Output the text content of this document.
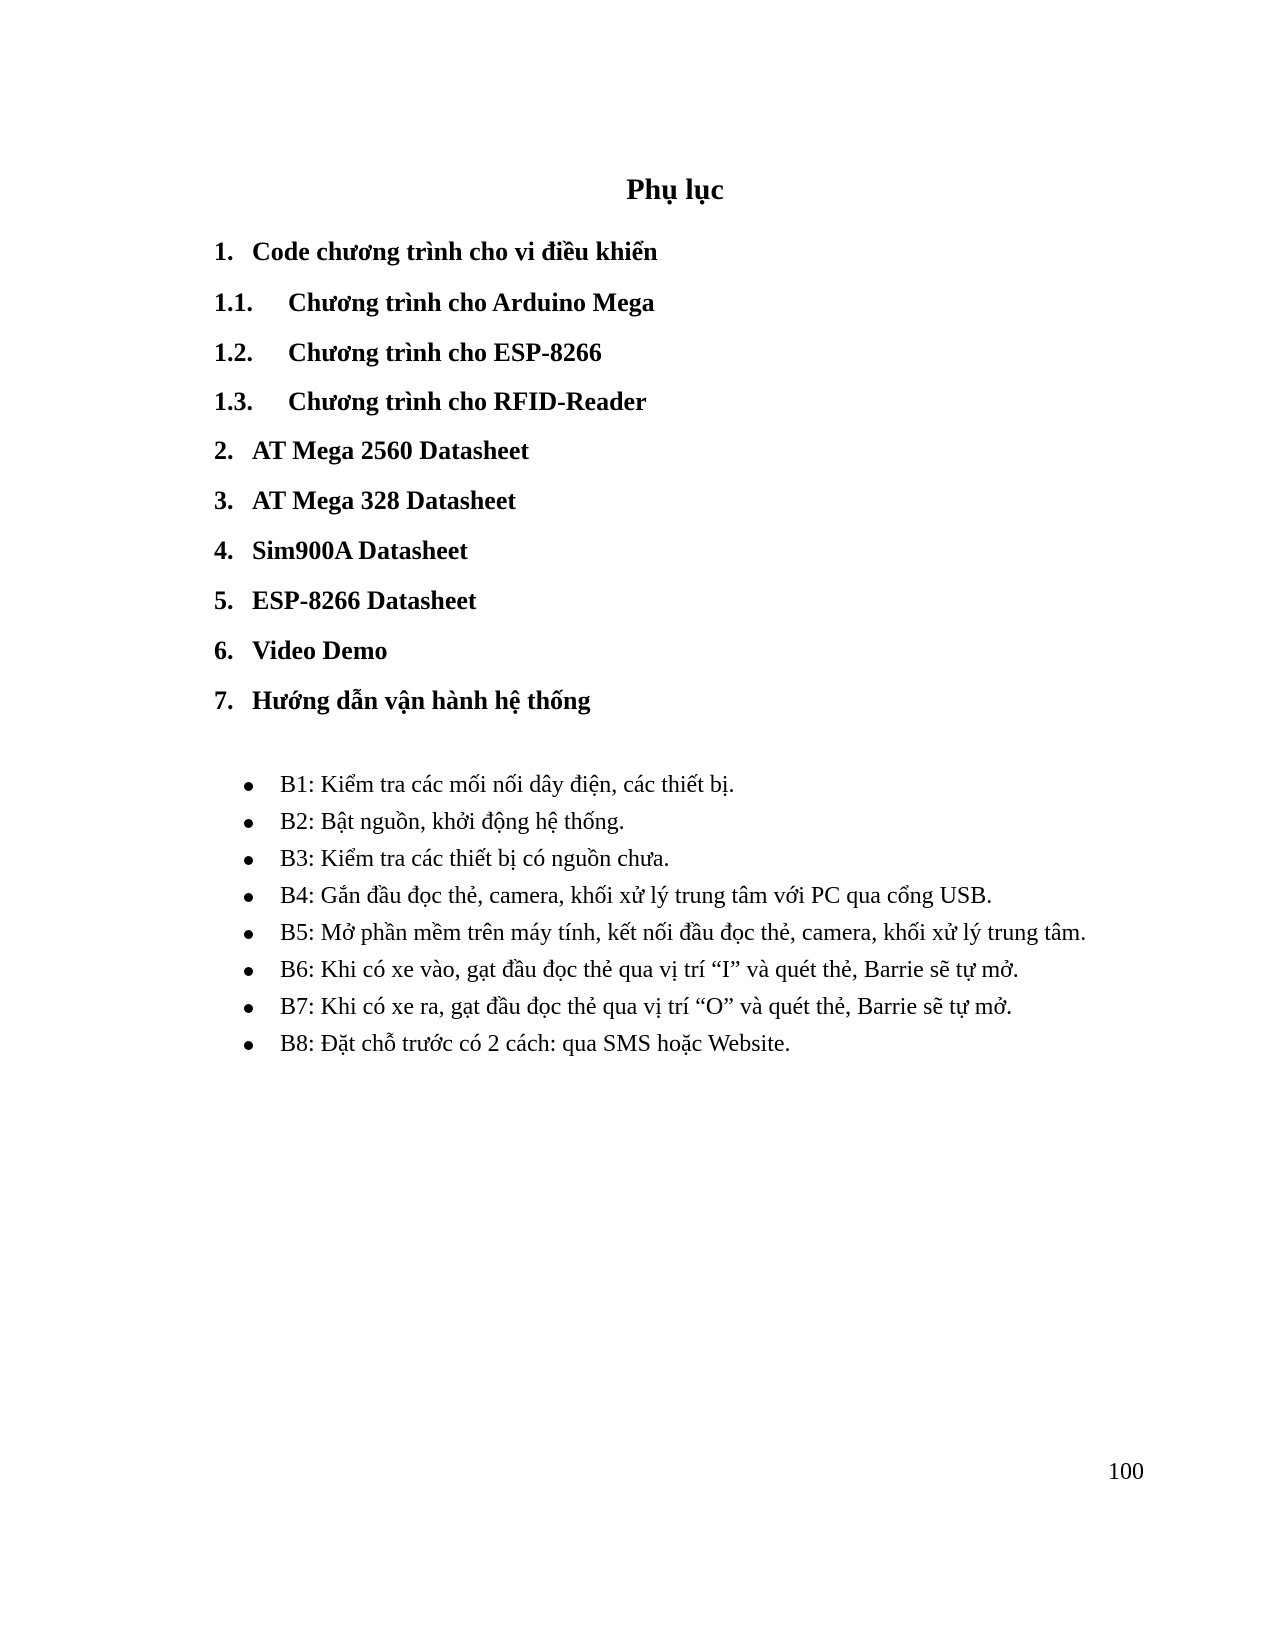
Phụ lục
1. Code chương trình cho vi điều khiển
1.1. Chương trình cho Arduino Mega
1.2. Chương trình cho ESP-8266
1.3. Chương trình cho RFID-Reader
2. AT Mega 2560 Datasheet
3. AT Mega 328 Datasheet
4. Sim900A Datasheet
5. ESP-8266 Datasheet
6. Video Demo
7. Hướng dẫn vận hành hệ thống
B1: Kiểm tra các mối nối dây điện, các thiết bị.
B2: Bật nguồn, khởi động hệ thống.
B3: Kiểm tra các thiết bị có nguồn chưa.
B4: Gắn đầu đọc thẻ, camera, khối xử lý trung tâm với PC qua cổng USB.
B5: Mở phần mềm trên máy tính, kết nối đầu đọc thẻ, camera, khối xử lý trung tâm.
B6: Khi có xe vào, gạt đầu đọc thẻ qua vị trí “I” và quét thẻ, Barrie sẽ tự mở.
B7: Khi có xe ra, gạt đầu đọc thẻ qua vị trí “O” và quét thẻ, Barrie sẽ tự mở.
B8: Đặt chỗ trước có 2 cách: qua SMS hoặc Website.
100
